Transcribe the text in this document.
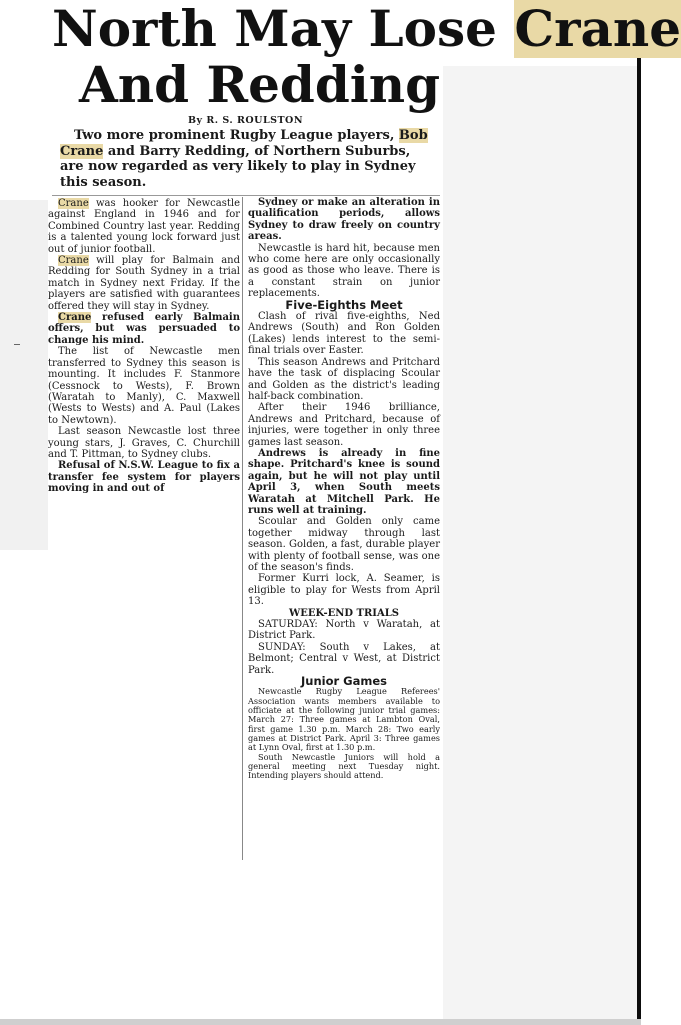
North May Lose Crane
And Redding
By R. S. ROULSTON
Two more prominent Rugby League players, Bob
Crane and Barry Redding, of Northern Suburbs, are now regarded as very likely to play in Sydney this season.

Crane was hooker for Newcastle against England in 1946 and for Combined Country last year. Redding is a talented young lock forward just out of junior football.

Crane will play for Balmain and Redding for South Sydney in a trial match in Sydney next Friday. If the players are satisfied with guarantees offered they will stay in Sydney.

Crane refused early Balmain offers, but was persuaded to change his mind.

The list of Newcastle men transferred to Sydney this season is mounting. It includes F. Stanmore (Cessnock to Wests), F. Brown (Waratah to Manly), C. Maxwell (Wests to Wests) and A. Paul (Lakes to Newtown).

Last season Newcastle lost three young stars, J. Graves, C. Churchill and T. Pittman, to Sydney clubs.

Refusal of N.S.W. League to fix a transfer fee system for players moving in and out of

Sydney or make an alteration in qualification periods, allows Sydney to draw freely on country areas.

Newcastle is hard hit, because men who come here are only occasionally as good as those who leave. There is a constant strain on junior replacements.

Five-Eighths Meet

Clash of rival five-eighths, Ned Andrews (South) and Ron Golden (Lakes) lends interest to the semi-final trials over Easter.

This season Andrews and Pritchard have the task of displacing Scoular and Golden as the district's leading half-back combination.

After their 1946 brilliance, Andrews and Pritchard, because of injuries, were together in only three games last season.

Andrews is already in fine shape. Pritchard's knee is sound again, but he will not play until April 3, when South meets Waratah at Mitchell Park. He runs well at training.

Scoular and Golden only came together midway through last season. Golden, a fast, durable player with plenty of football sense, was one of the season's finds.

Former Kurri lock, A. Seamer, is eligible to play for Wests from April 13.

WEEK-END TRIALS

SATURDAY: North v Waratah, at District Park.

SUNDAY: South v Lakes, at Belmont; Central v West, at District Park.

Junior Games

Newcastle Rugby League Referees' Association wants members available to officiate at the following junior trial games: March 27: Three games at Lambton Oval, first game 1.30 p.m. March 28: Two early games at District Park. April 3: Three games at Lynn Oval, first at 1.30 p.m.

South Newcastle Juniors will hold a general meeting next Tuesday night. Intending players should attend.
